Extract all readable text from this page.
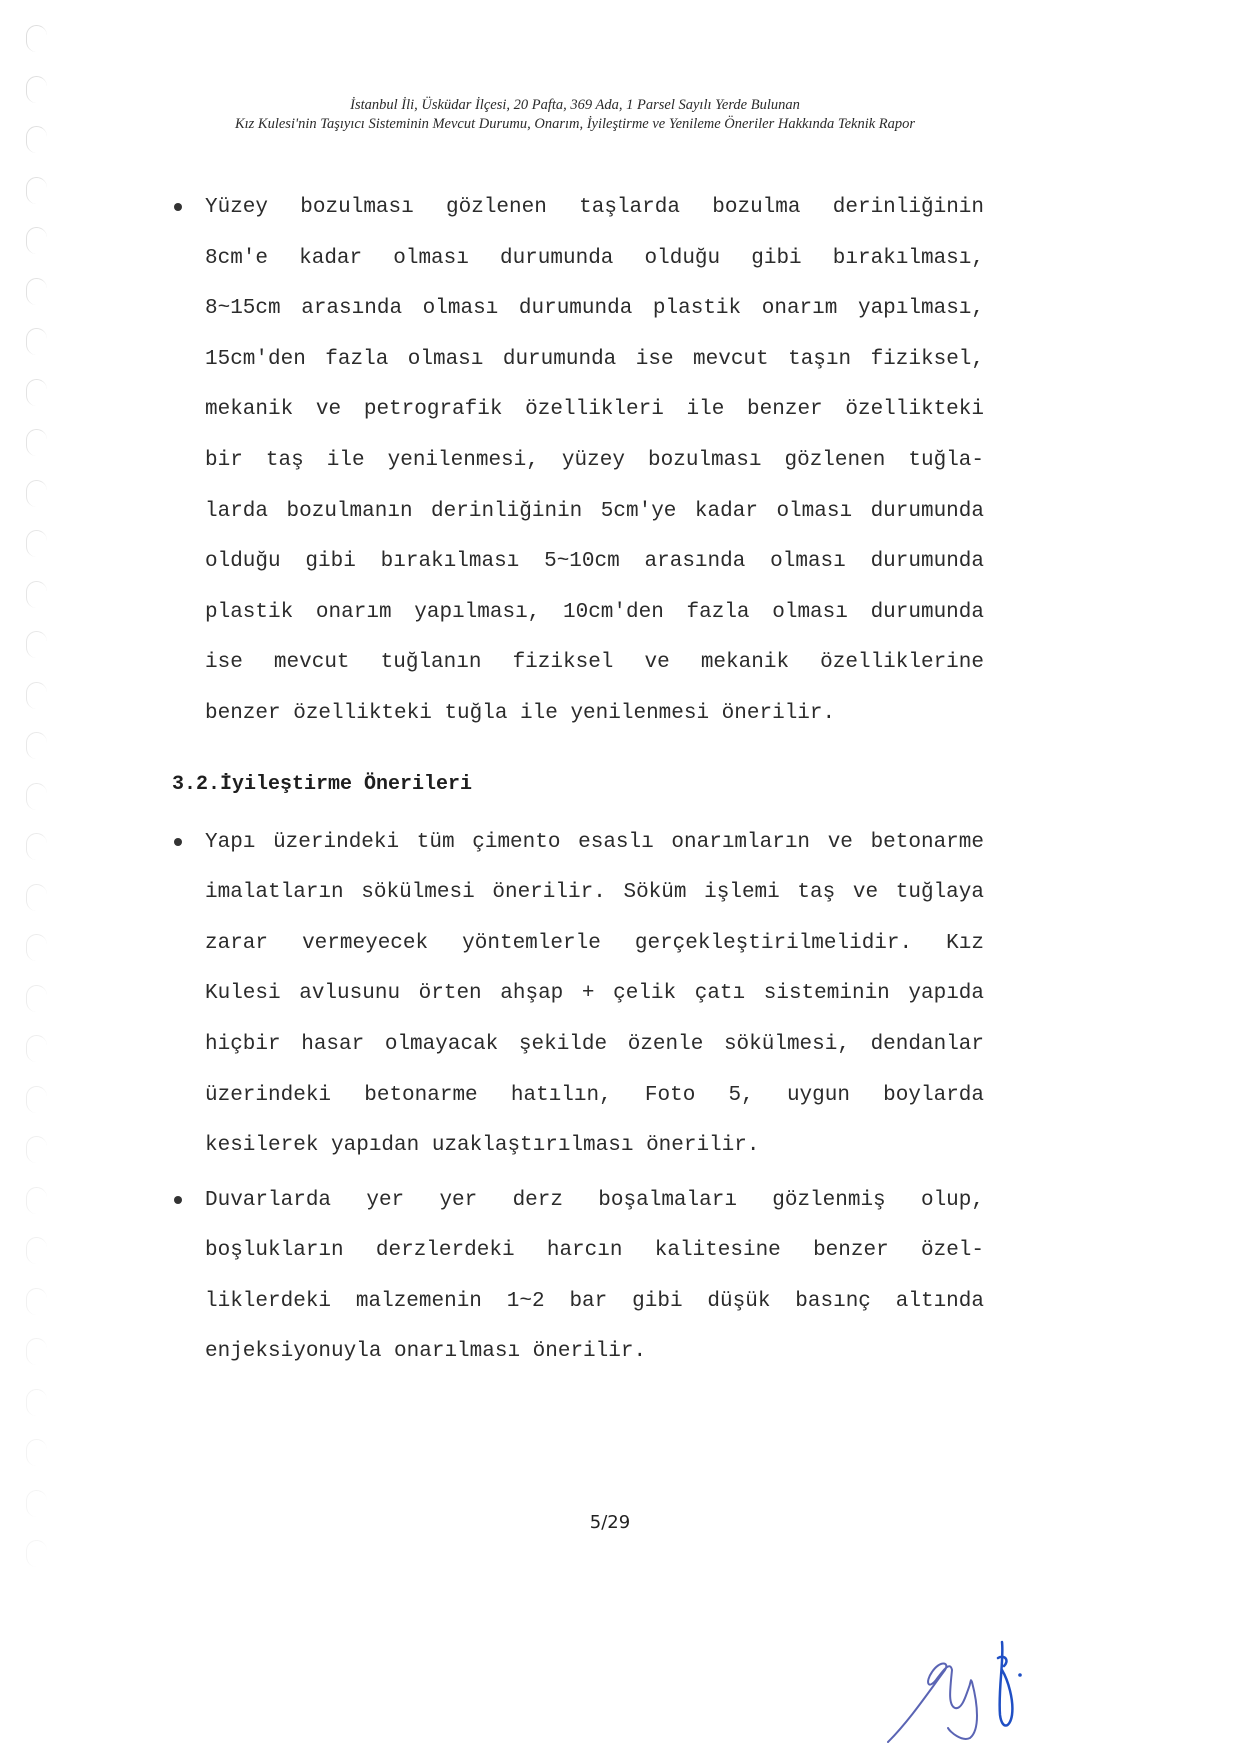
İstanbul İli, Üsküdar İlçesi, 20 Pafta, 369 Ada, 1 Parsel Sayılı Yerde Bulunan
Kız Kulesi'nin Taşıyıcı Sisteminin Mevcut Durumu, Onarım, İyileştirme ve Yenileme Öneriler Hakkında Teknik Rapor
Yüzey bozulması gözlenen taşlarda bozulma derinliğinin
8cm'e kadar olması durumunda olduğu gibi bırakılması,
8~15cm arasında olması durumunda plastik onarım yapılması,
15cm'den fazla olması durumunda ise mevcut taşın fiziksel,
mekanik ve petrografik özellikleri ile benzer özellikteki
bir taş ile yenilenmesi, yüzey bozulması gözlenen tuğla-
larda bozulmanın derinliğinin 5cm'ye kadar olması durumunda
olduğu gibi bırakılması 5~10cm arasında olması durumunda
plastik onarım yapılması, 10cm'den fazla olması durumunda
ise mevcut tuğlanın fiziksel ve mekanik özelliklerine
benzer özellikteki tuğla ile yenilenmesi önerilir.
3.2.İyileştirme Önerileri
Yapı üzerindeki tüm çimento esaslı onarımların ve betonarme
imalatların sökülmesi önerilir. Söküm işlemi taş ve tuğlaya
zarar vermeyecek yöntemlerle gerçekleştirilmelidir. Kız
Kulesi avlusunu örten ahşap + çelik çatı sisteminin yapıda
hiçbir hasar olmayacak şekilde özenle sökülmesi, dendanlar
üzerindeki betonarme hatılın, Foto 5, uygun boylarda
kesilerek yapıdan uzaklaştırılması önerilir.
Duvarlarda yer yer derz boşalmaları gözlenmiş olup,
boşlukların derzlerdeki harcın kalitesine benzer özel-
liklerdeki malzemenin 1~2 bar gibi düşük basınç altında
enjeksiyonuyla onarılması önerilir.
5/29
